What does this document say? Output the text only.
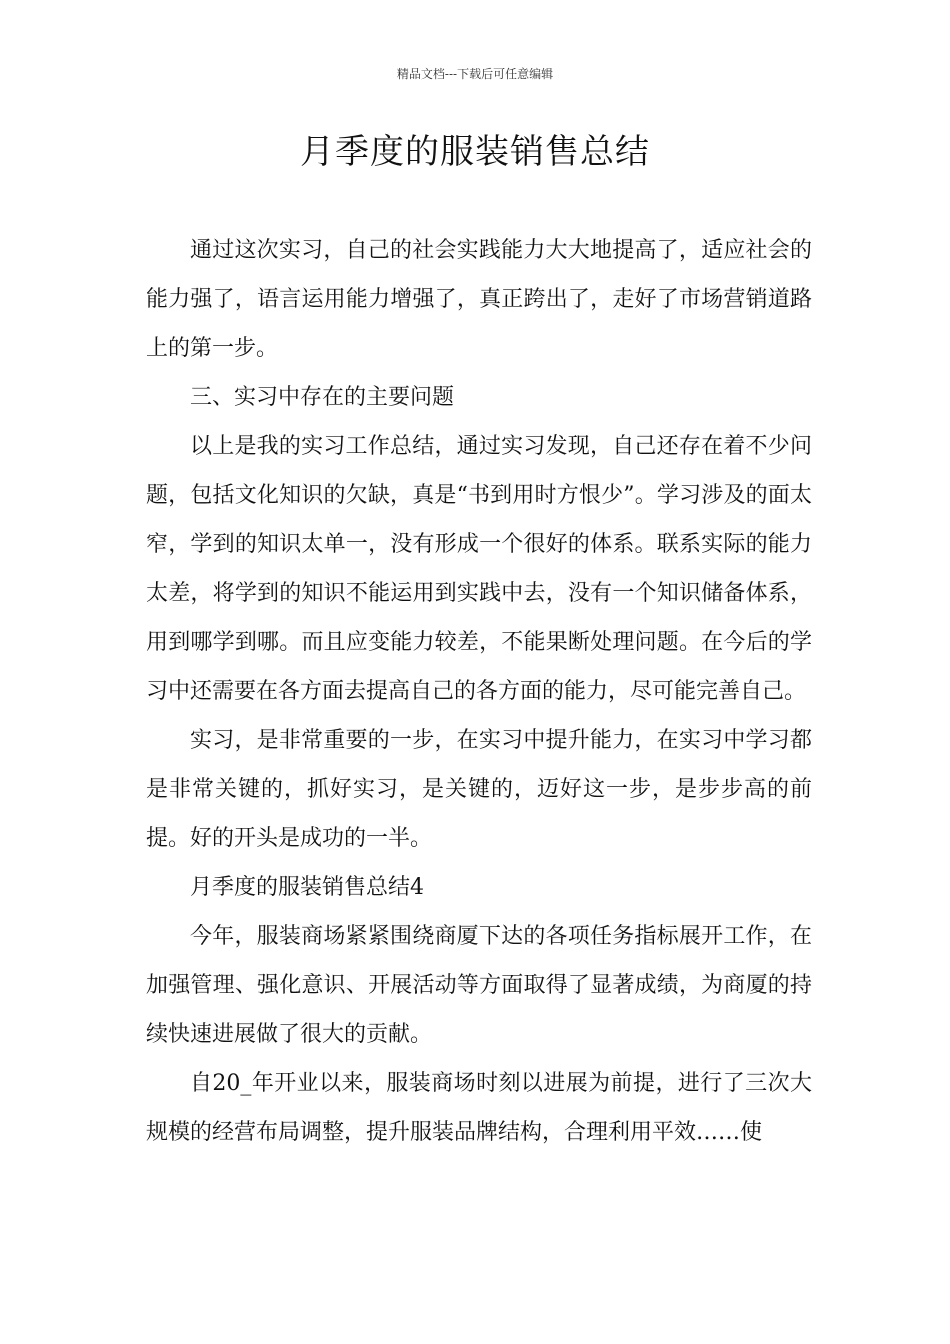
精品文档---下载后可任意编辑
月季度的服装销售总结

通过这次实习，自己的社会实践能力大大地提高了，适应社会的能力强了，语言运用能力增强了，真正跨出了，走好了市场营销道路上的第一步。

三、实习中存在的主要问题

以上是我的实习工作总结，通过实习发现，自己还存在着不少问题，包括文化知识的欠缺，真是“书到用时方恨少”。学习涉及的面太窄，学到的知识太单一，没有形成一个很好的体系。联系实际的能力太差，将学到的知识不能运用到实践中去，没有一个知识储备体系，用到哪学到哪。而且应变能力较差，不能果断处理问题。在今后的学习中还需要在各方面去提高自己的各方面的能力，尽可能完善自己。

实习，是非常重要的一步，在实习中提升能力，在实习中学习都是非常关键的，抓好实习，是关键的，迈好这一步，是步步高的前提。好的开头是成功的一半。

月季度的服装销售总结4

今年，服装商场紧紧围绕商厦下达的各项任务指标展开工作，在加强管理、强化意识、开展活动等方面取得了显著成绩，为商厦的持续快速进展做了很大的贡献。

自20_年开业以来，服装商场时刻以进展为前提，进行了三次大规模的经营布局调整，提升服装品牌结构，合理利用平效……使
